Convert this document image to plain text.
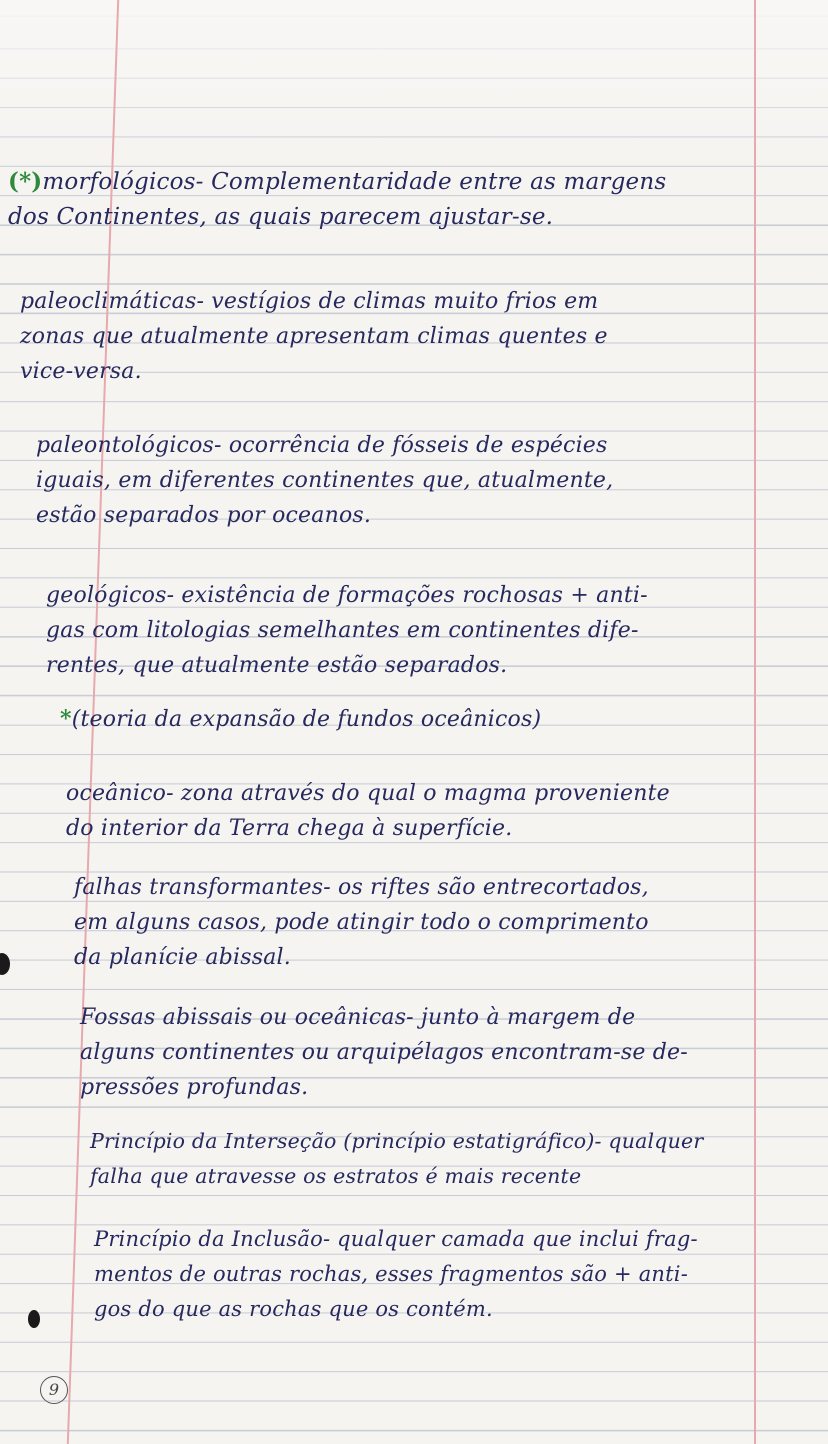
(*)morfológicos- Complementaridade entre as margens
dos Continentes, as quais parecem ajustar-se.
paleoclimáticas- vestígios de climas muito frios em
zonas que atualmente apresentam climas quentes e
vice-versa.
paleontológicos- ocorrência de fósseis de espécies
iguais, em diferentes continentes que, atualmente,
estão separados por oceanos.
geológicos- existência de formações rochosas + anti-
gas com litologias semelhantes em continentes dife-
rentes, que atualmente estão separados.
*(teoria da expansão de fundos oceânicos)
oceânico- zona através do qual o magma proveniente
do interior da Terra chega à superfície.
falhas transformantes- os riftes são entrecortados,
em alguns casos, pode atingir todo o comprimento
da planície abissal.
Fossas abissais ou oceânicas- junto à margem de
alguns continentes ou arquipélagos encontram-se de-
pressões profundas.
Princípio da Interseção (princípio estatigráfico)- qualquer
falha que atravesse os estratos é mais recente
Princípio da Inclusão- qualquer camada que inclui frag-
mentos de outras rochas, esses fragmentos são + anti-
gos do que as rochas que os contém.
9
